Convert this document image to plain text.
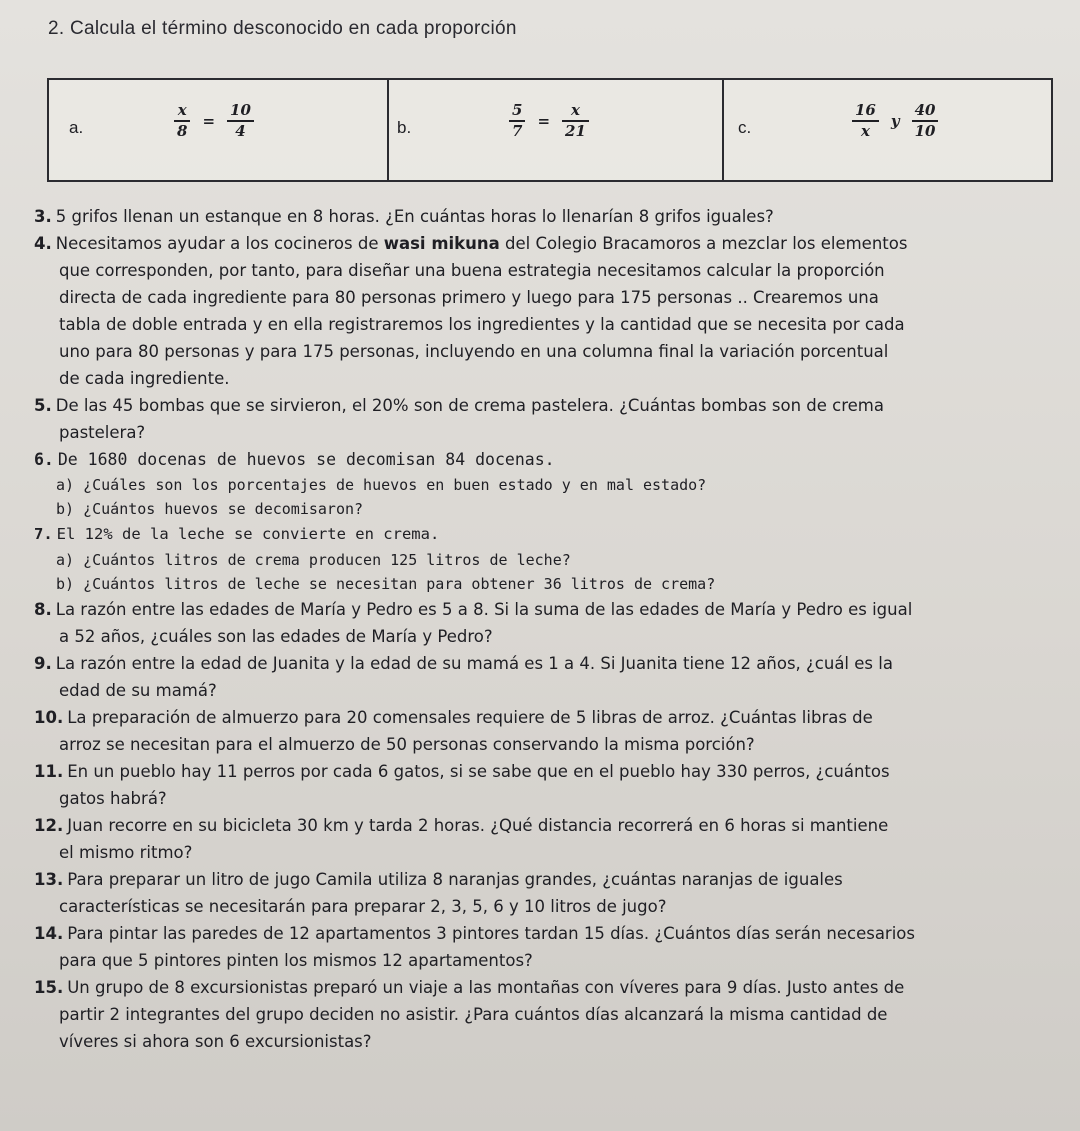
2. Calcula el término desconocido en cada proporción
a.	$\frac{x}{8} = \frac{10}{4}$	b.	$\frac{5}{7} = \frac{x}{21}$	c.	$\frac{16}{x}$ y $\frac{40}{10}$

3. 5 grifos llenan un estanque en 8 horas. ¿En cuántas horas lo llenarían 8 grifos iguales?

4. Necesitamos ayudar a los cocineros de wasi mikuna del Colegio Bracamoros a mezclar los elementos
que corresponden, por tanto, para diseñar una buena estrategia necesitamos calcular la proporción
directa de cada ingrediente para 80 personas primero y luego para 175 personas .. Crearemos una
tabla de doble entrada y en ella registraremos los ingredientes y la cantidad que se necesita por cada
uno para 80 personas y para 175 personas, incluyendo en una columna final la variación porcentual
de cada ingrediente.
5. De las 45 bombas que se sirvieron, el 20% son de crema pastelera. ¿Cuántas bombas son de crema
pastelera?
6. De 1680 docenas de huevos se decomisan 84 docenas.
a) ¿Cuáles son los porcentajes de huevos en buen estado y en mal estado?
b) ¿Cuántos huevos se decomisaron?
7. El 12% de la leche se convierte en crema.
a) ¿Cuántos litros de crema producen 125 litros de leche?
b) ¿Cuántos litros de leche se necesitan para obtener 36 litros de crema?
8. La razón entre las edades de María y Pedro es 5 a 8. Si la suma de las edades de María y Pedro es igual
a 52 años, ¿cuáles son las edades de María y Pedro?
9. La razón entre la edad de Juanita y la edad de su mamá es 1 a 4. Si Juanita tiene 12 años, ¿cuál es la
edad de su mamá?
10. La preparación de almuerzo para 20 comensales requiere de 5 libras de arroz. ¿Cuántas libras de
arroz se necesitan para el almuerzo de 50 personas conservando la misma porción?
11. En un pueblo hay 11 perros por cada 6 gatos, si se sabe que en el pueblo hay 330 perros, ¿cuántos
gatos habrá?
12. Juan recorre en su bicicleta 30 km y tarda 2 horas. ¿Qué distancia recorrerá en 6 horas si mantiene
el mismo ritmo?
13. Para preparar un litro de jugo Camila utiliza 8 naranjas grandes, ¿cuántas naranjas de iguales
características se necesitarán para preparar 2, 3, 5, 6 y 10 litros de jugo?
14. Para pintar las paredes de 12 apartamentos 3 pintores tardan 15 días. ¿Cuántos días serán necesarios
para que 5 pintores pinten los mismos 12 apartamentos?
15. Un grupo de 8 excursionistas preparó un viaje a las montañas con víveres para 9 días. Justo antes de
partir 2 integrantes del grupo deciden no asistir. ¿Para cuántos días alcanzará la misma cantidad de
víveres si ahora son 6 excursionistas?
